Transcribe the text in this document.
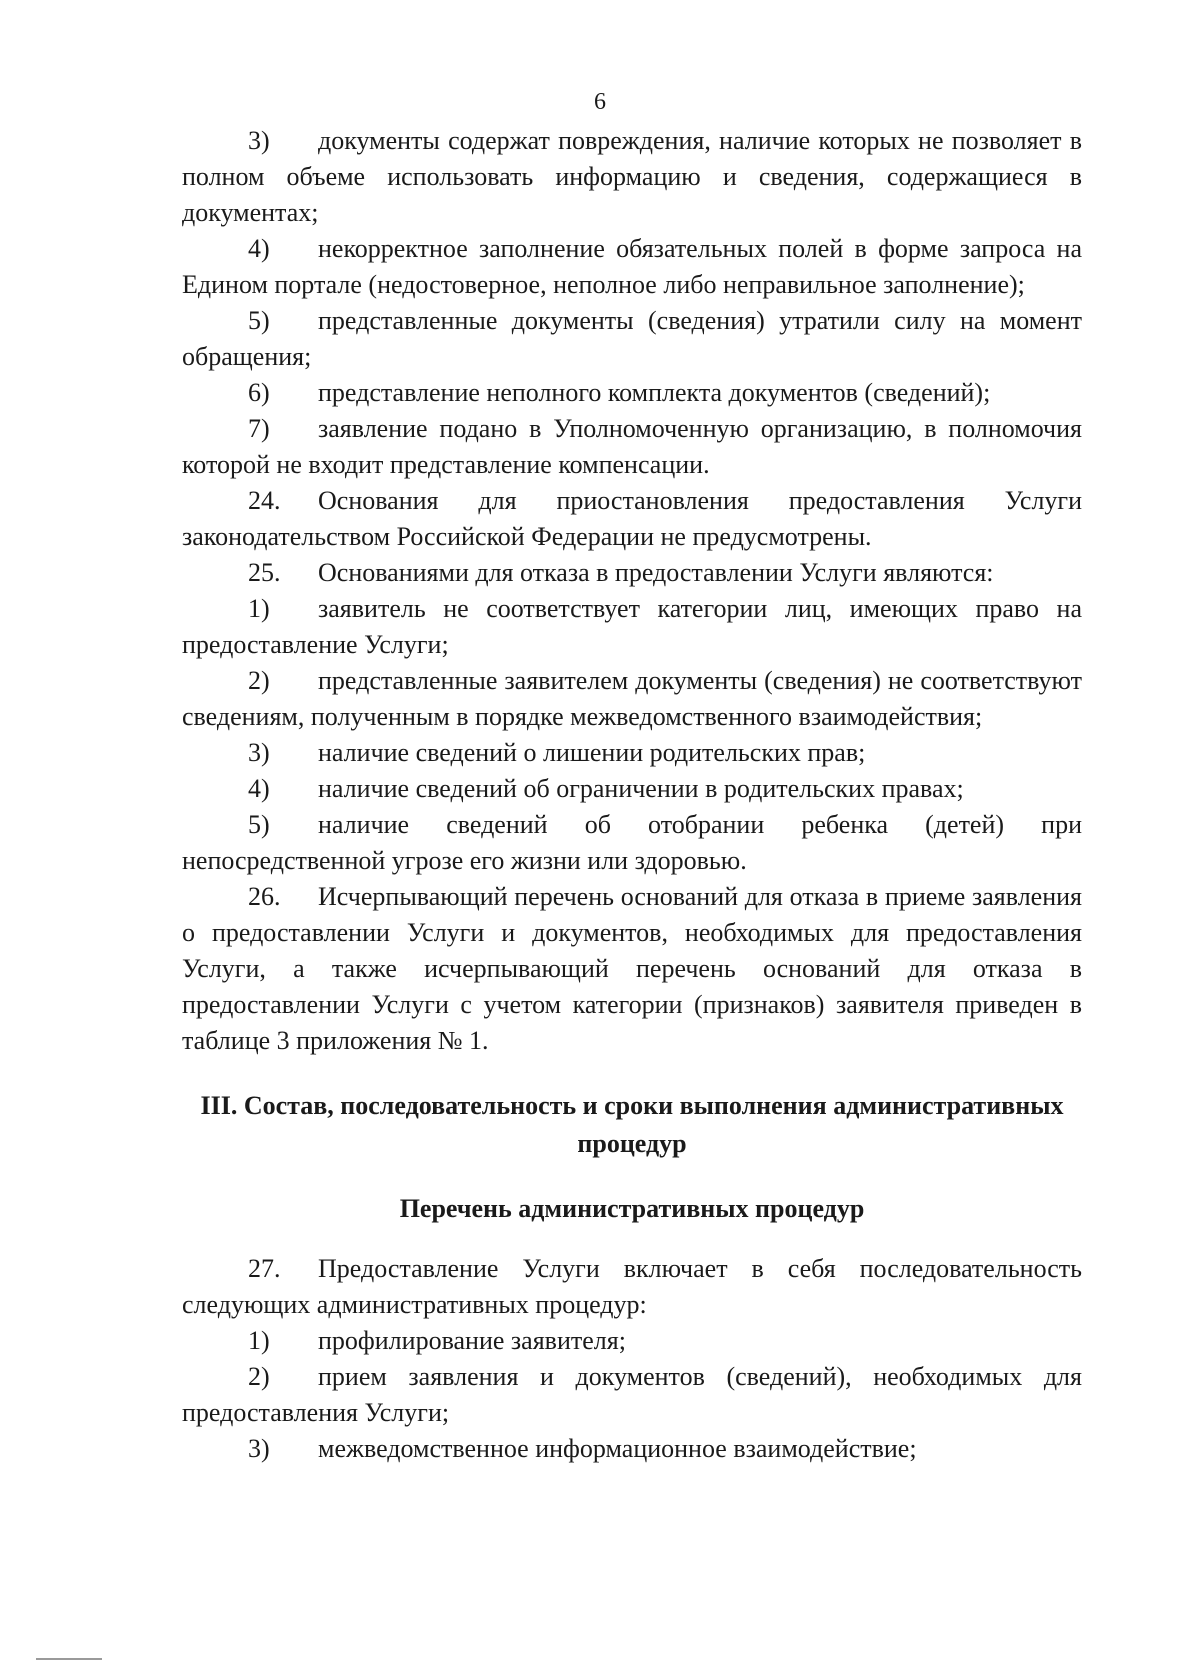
6

3) документы содержат повреждения, наличие которых не позволяет в полном объеме использовать информацию и сведения, содержащиеся в документах;

4) некорректное заполнение обязательных полей в форме запроса на Едином портале (недостоверное, неполное либо неправильное заполнение);

5) представленные документы (сведения) утратили силу на момент обращения;

6) представление неполного комплекта документов (сведений);

7) заявление подано в Уполномоченную организацию, в полномочия которой не входит представление компенсации.

24. Основания для приостановления предоставления Услуги законодательством Российской Федерации не предусмотрены.

25. Основаниями для отказа в предоставлении Услуги являются:

1) заявитель не соответствует категории лиц, имеющих право на предоставление Услуги;

2) представленные заявителем документы (сведения) не соответствуют сведениям, полученным в порядке межведомственного взаимодействия;

3) наличие сведений о лишении родительских прав;

4) наличие сведений об ограничении в родительских правах;

5) наличие сведений об отобрании ребенка (детей) при непосредственной угрозе его жизни или здоровью.

26. Исчерпывающий перечень оснований для отказа в приеме заявления о предоставлении Услуги и документов, необходимых для предоставления Услуги, а также исчерпывающий перечень оснований для отказа в предоставлении Услуги с учетом категории (признаков) заявителя приведен в таблице 3 приложения № 1.

III. Состав, последовательность и сроки выполнения административных процедур
Перечень административных процедур

27. Предоставление Услуги включает в себя последовательность следующих административных процедур:

1) профилирование заявителя;

2) прием заявления и документов (сведений), необходимых для предоставления Услуги;

3) межведомственное информационное взаимодействие;
